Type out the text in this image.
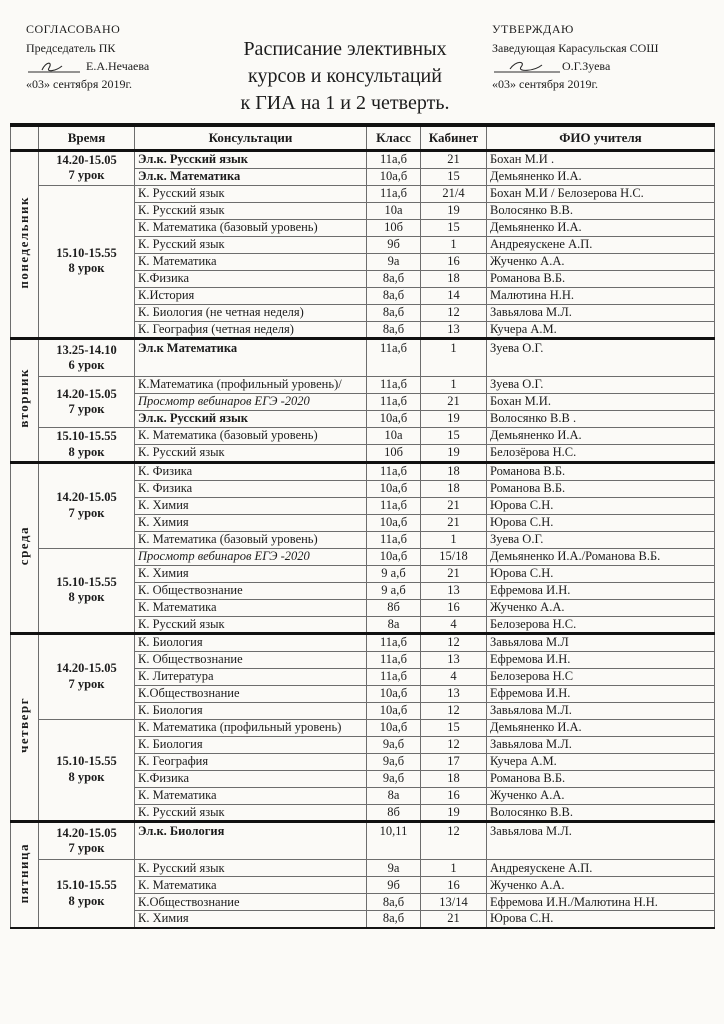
СОГЛАСОВАНО
Председатель ПК
Е.А.Нечаева
«03» сентября 2019г.
Расписание элективных
курсов и консультаций
к ГИА на 1 и 2 четверть.
УТВЕРЖДАЮ
Заведующая Карасульская СОШ
О.Г.Зуева
«03» сентября 2019г.
	Время	Консультации	Класс	Кабинет	ФИО учителя
понедельник	14.20-15.05
7 урок	Эл.к. Русский язык	11а,б	21	Бохан М.И .
		Эл.к. Математика	10а,б	15	Демьяненко И.А.

	15.10-15.55
8 урок	К. Русский язык	11а,б	21/4	Бохан М.И / Белозерова Н.С.
		К. Русский язык	10а	19	Волосянко В.В.
		К. Математика (базовый уровень)	10б	15	Демьяненко И.А.
		К. Русский язык	9б	1	Андреяускене А.П.
		К. Математика	9а	16	Жученко А.А.
		К.Физика	8а,б	18	Романова В.Б.
		К.История	8а,б	14	Малютина Н.Н.
		К. Биология (не четная неделя)	8а,б	12	Завьялова М.Л.
		К. География (четная неделя)	8а,б	13	Кучера А.М.
вторник	13.25-14.10
6 урок	Эл.к Математика	11а,б	1	Зуева О.Г.

	14.20-15.05
7 урок	К.Математика (профильный уровень)/	11а,б	1	Зуева О.Г.
		Просмотр вебинаров ЕГЭ -2020	11а,б	21	Бохан М.И.
		Эл.к. Русский язык	10а,б	19	Волосянко В.В .

	15.10-15.55
8 урок	К. Математика (базовый уровень)	10а	15	Демьяненко И.А.
		К. Русский язык	10б	19	Белозёрова Н.С.
среда	14.20-15.05
7 урок	К. Физика	11а,б	18	Романова В.Б.
		К. Физика	10а,б	18	Романова В.Б.
		К. Химия	11а,б	21	Юрова С.Н.
		К. Химия	10а,б	21	Юрова С.Н.
		К. Математика (базовый уровень)	11а,б	1	Зуева О.Г.

	15.10-15.55
8 урок	Просмотр вебинаров ЕГЭ -2020	10а,б	15/18	Демьяненко И.А./Романова В.Б.
		К. Химия	9 а,б	21	Юрова С.Н.
		К. Обществознание	9 а,б	13	Ефремова И.Н.
		К. Математика	8б	16	Жученко А.А.
		К. Русский язык	8а	4	Белозерова Н.С.
четверг	14.20-15.05
7 урок	К. Биология	11а,б	12	Завьялова М.Л
		К. Обществознание	11а,б	13	Ефремова И.Н.
		К. Литература	11а,б	4	Белозерова Н.С
		К.Обществознание	10а,б	13	Ефремова И.Н.
		К. Биология	10а,б	12	Завьялова М.Л.

	15.10-15.55
8 урок	К. Математика (профильный уровень)	10а,б	15	Демьяненко И.А.
		К. Биология	9а,б	12	Завьялова М.Л.
		К. География	9а,б	17	Кучера А.М.
		К.Физика	9а,б	18	Романова В.Б.
		К. Математика	8а	16	Жученко А.А.
		К. Русский язык	8б	19	Волосянко В.В.
пятница	14.20-15.05
7 урок	Эл.к. Биология	10,11	12	Завьялова М.Л.

	15.10-15.55
8 урок	К. Русский язык	9а	1	Андреяускене А.П.
		К. Математика	9б	16	Жученко А.А.
		К.Обществознание	8а,б	13/14	Ефремова И.Н./Малютина Н.Н.
		К. Химия	8а,б	21	Юрова С.Н.
